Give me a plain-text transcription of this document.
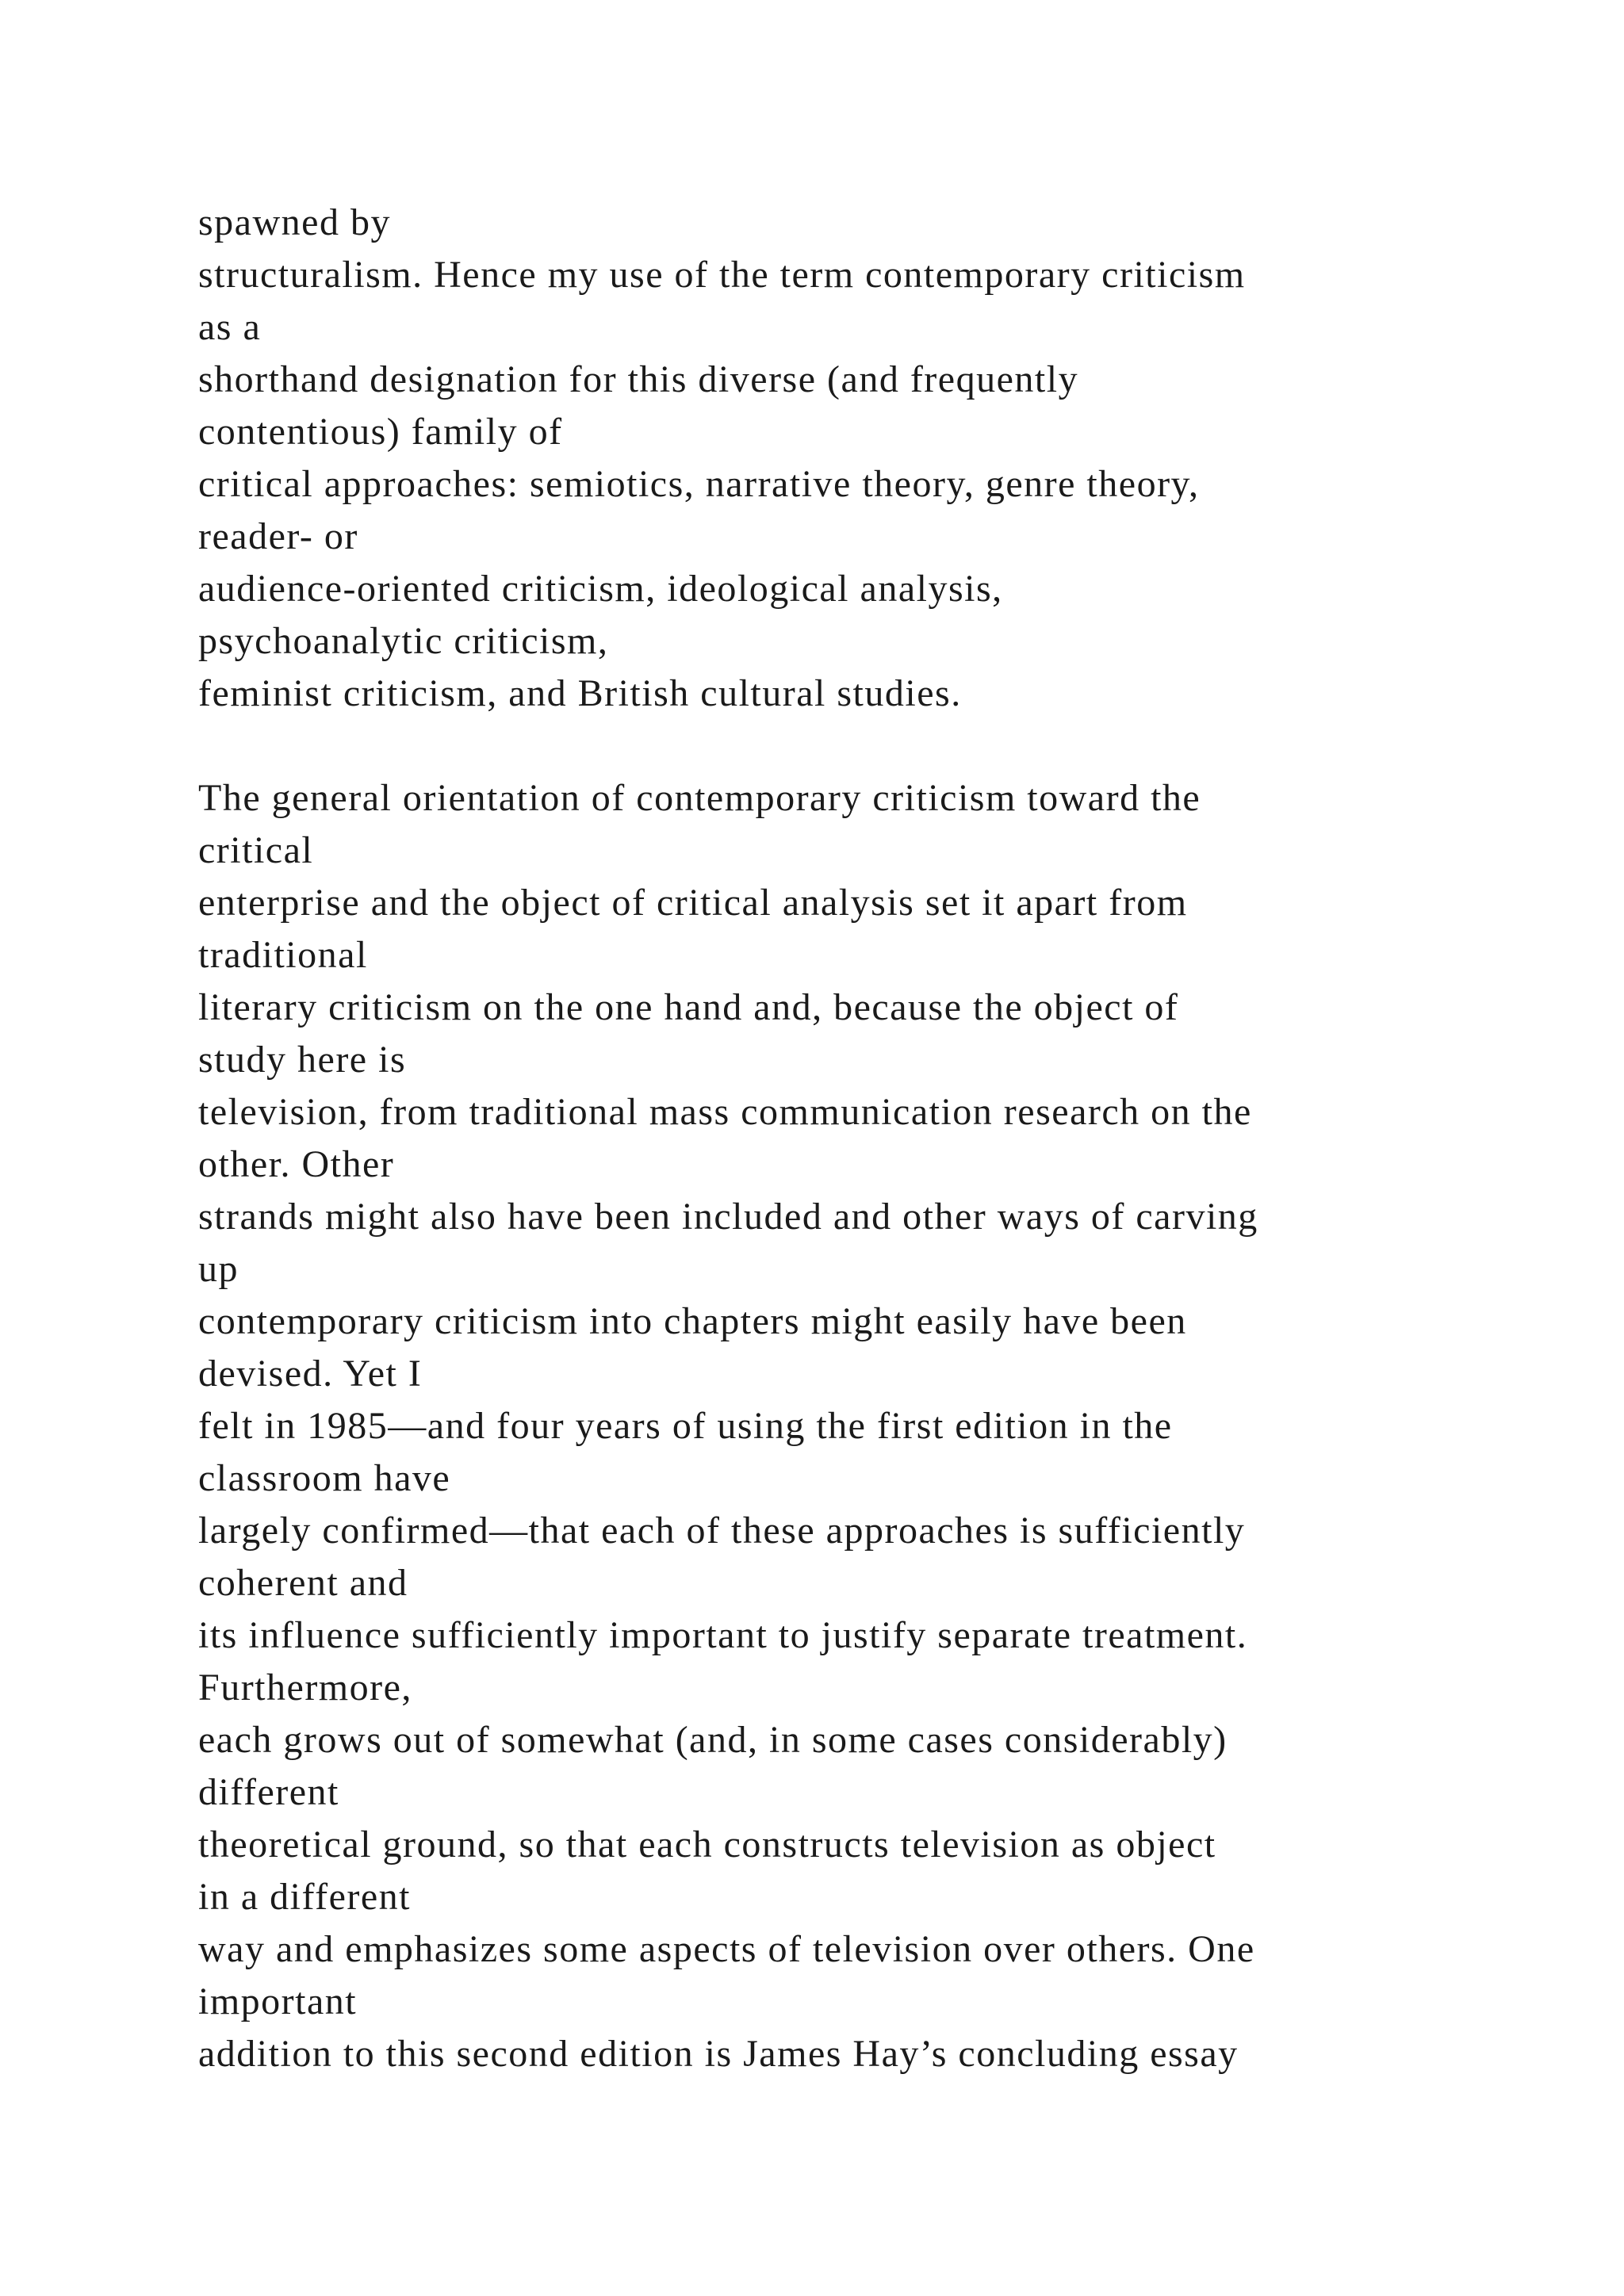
spawned by
structuralism. Hence my use of the term contemporary criticism
as a
shorthand designation for this diverse (and frequently
contentious) family of
critical approaches: semiotics, narrative theory, genre theory,
reader- or
audience-oriented criticism, ideological analysis,
psychoanalytic criticism,
feminist criticism, and British cultural studies.
The general orientation of contemporary criticism toward the
critical
enterprise and the object of critical analysis set it apart from
traditional
literary criticism on the one hand and, because the object of
study here is
television, from traditional mass communication research on the
other. Other
strands might also have been included and other ways of carving
up
contemporary criticism into chapters might easily have been
devised. Yet I
felt in 1985—and four years of using the first edition in the
classroom have
largely confirmed—that each of these approaches is sufficiently
coherent and
its influence sufficiently important to justify separate treatment.
Furthermore,
each grows out of somewhat (and, in some cases considerably)
different
theoretical ground, so that each constructs television as object
in a different
way and emphasizes some aspects of television over others. One
important
addition to this second edition is James Hay’s concluding essay
